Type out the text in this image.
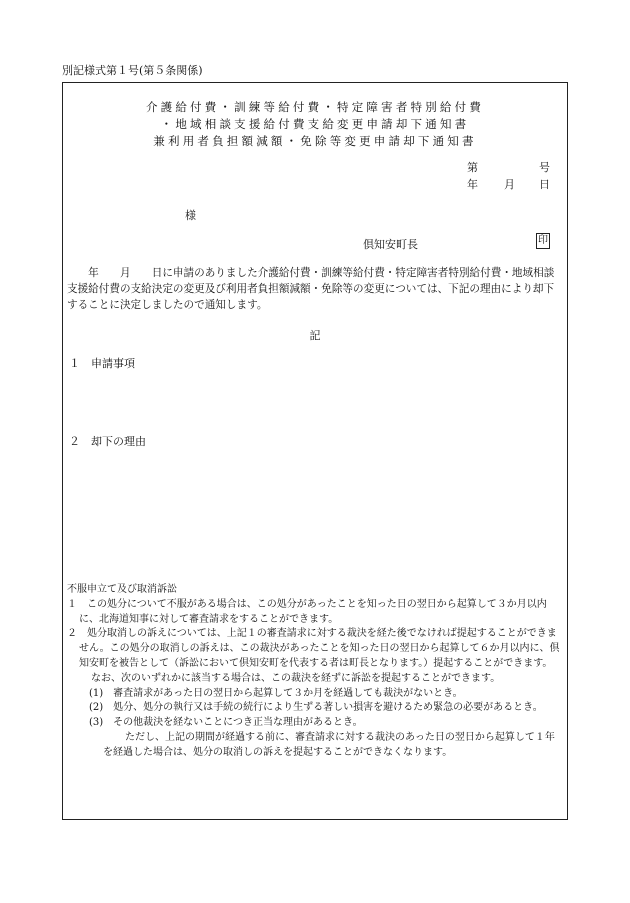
別記様式第１号(第５条関係)
介護給付費・訓練等給付費・特定障害者特別給付費
・地域相談支援給付費支給変更申請却下通知書
兼利用者負担額減額・免除等変更申請却下通知書
第	号
年 月 日
様
倶知安町長	印

　　年　　月　　日に申請のありました介護給付費・訓練等給付費・特定障害者特別給付費・地域相談支援給付費の支給決定の変更及び利用者負担額減額・免除等の変更については、下記の理由により却下することに決定しましたので通知します。

記
１　申請事項
２　却下の理由

不服申立て及び取消訴訟

１　この処分について不服がある場合は、この処分があったことを知った日の翌日から起算して３か月以内に、北海道知事に対して審査請求をすることができます。

２　処分取消しの訴えについては、上記１の審査請求に対する裁決を経た後でなければ提起することができません。この処分の取消しの訴えは、この裁決があったことを知った日の翌日から起算して６か月以内に、倶知安町を被告として（訴訟において倶知安町を代表する者は町長となります。）提起することができます。

なお、次のいずれかに該当する場合は、この裁決を経ずに訴訟を提起することができます。

(1)　審査請求があった日の翌日から起算して３か月を経過しても裁決がないとき。

(2)　処分、処分の執行又は手続の続行により生ずる著しい損害を避けるため緊急の必要があるとき。

(3)　その他裁決を経ないことにつき正当な理由があるとき。

ただし、上記の期間が経過する前に、審査請求に対する裁決のあった日の翌日から起算して１年を経過した場合は、処分の取消しの訴えを提起することができなくなります。
